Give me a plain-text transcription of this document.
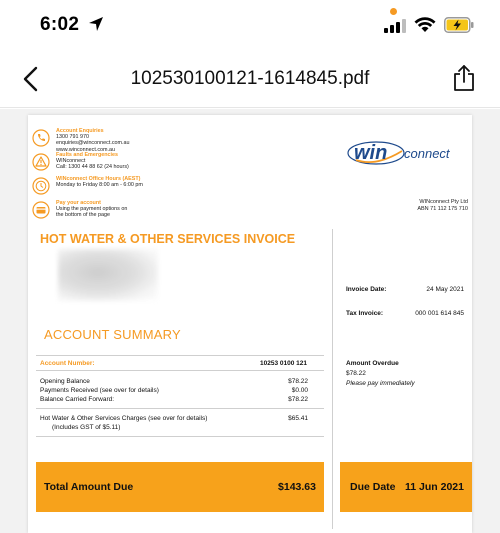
6:02
102530100121-1614845.pdf
Account Enquiries
1300 791 970
enquiries@winconnect.com.au
www.winconnect.com.au
Faults and Emergencies
WINconnect
Call: 1300 44 88 62 (24 hours)
WINconnect Office Hours (AEST)
Monday to Friday 8:00 am - 6:00 pm
Pay your account
Using the payment options on
the bottom of the page
win connect
WINconnect Pty Ltd
ABN 71 112 175 710
HOT WATER & OTHER SERVICES INVOICE
Invoice Date:	24 May 2021
Tax Invoice:	000 001 614 845
ACCOUNT SUMMARY
Account Number:	10253 0100 121	Amount Overdue
$78.22
Please pay immediately
Opening Balance	$78.22
Payments Received (see over for details)	$0.00
Balance Carried Forward:	$78.22
Hot Water & Other Services Charges (see over for details)	$65.41
(Includes GST of $5.11)
Total Amount Due	$143.63	Due Date 11 Jun 2021
